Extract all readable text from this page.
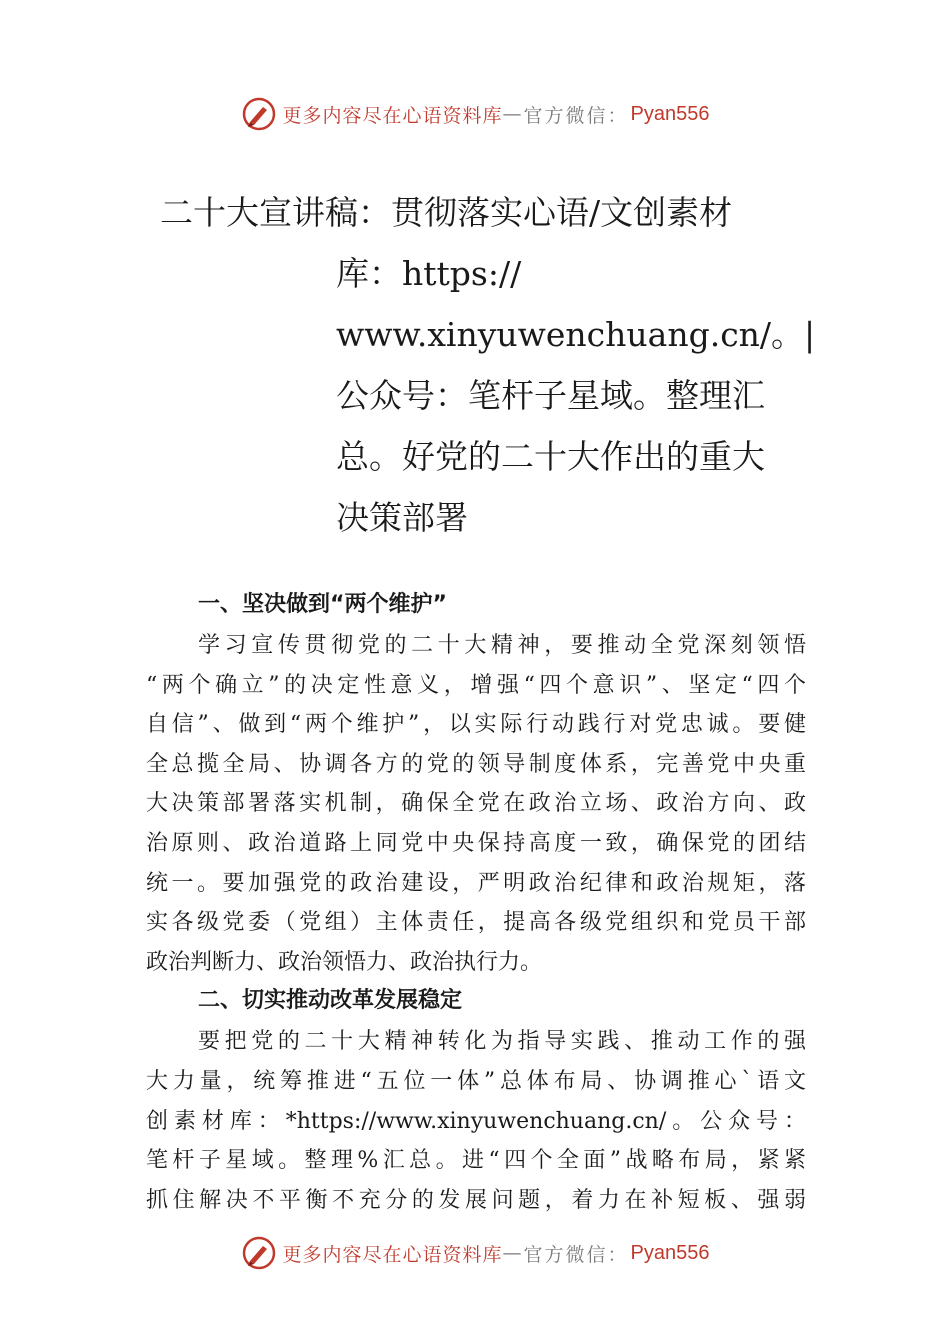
更多内容尽在心语资料库 — 官方微信： Pyan556
二十大宣讲稿：贯彻落实心语/文创素材
库：https://
www.xinyuwenchuang.cn/。|
公众号：笔杆子星域。整理汇
总。好党的二十大作出的重大
决策部署
一、坚决做到“两个维护”
学习宣传贯彻党的二十大精神，要推动全党深刻领悟
“两个确立”的决定性意义，增强“四个意识”、坚定“四个
自信”、做到“两个维护”，以实际行动践行对党忠诚。要健
全总揽全局、协调各方的党的领导制度体系，完善党中央重
大决策部署落实机制，确保全党在政治立场、政治方向、政
治原则、政治道路上同党中央保持高度一致，确保党的团结
统一。要加强党的政治建设，严明政治纪律和政治规矩，落
实各级党委（党组）主体责任，提高各级党组织和党员干部
政治判断力、政治领悟力、政治执行力。
二、切实推动改革发展稳定
要把党的二十大精神转化为指导实践、推动工作的强
大力量，统筹推进“五位一体”总体布局、协调推心`语文
创素材库：*https://www.xinyuwenchuang.cn/。公众号：
笔杆子星域。整理%汇总。进“四个全面”战略布局，紧紧
抓住解决不平衡不充分的发展问题，着力在补短板、强弱
更多内容尽在心语资料库 — 官方微信： Pyan556
